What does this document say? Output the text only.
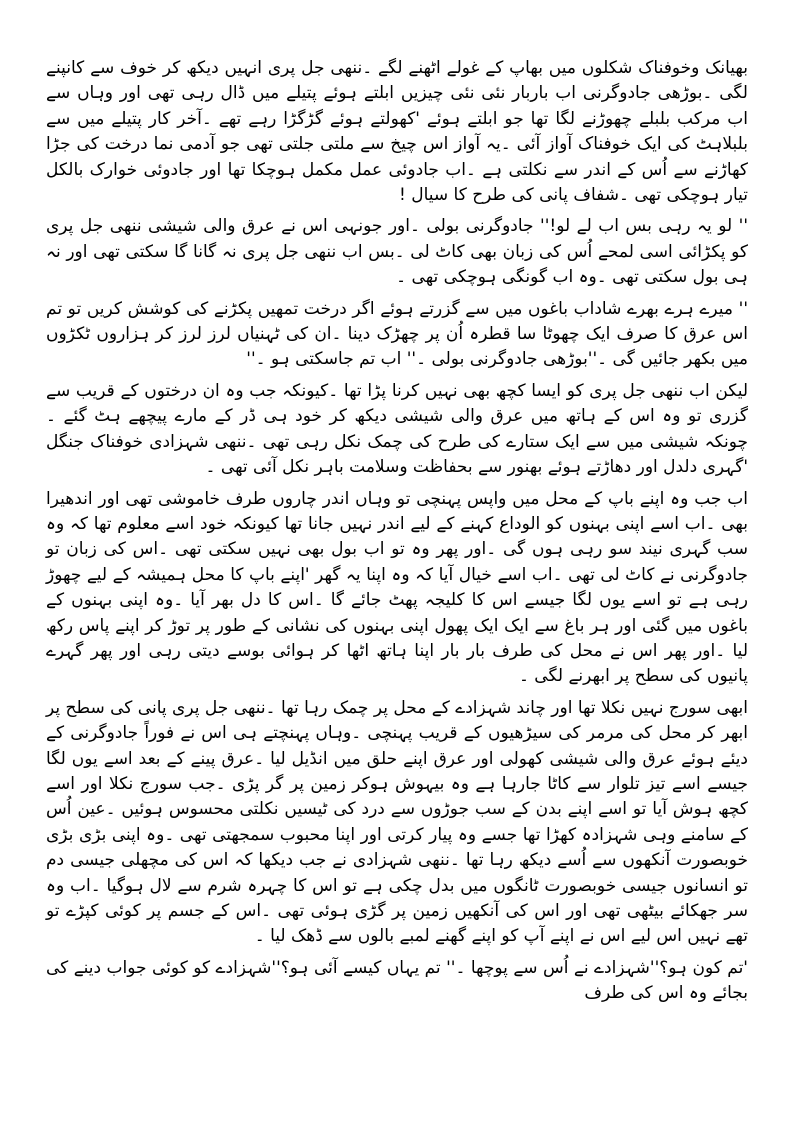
بھیانک وخوفناک شکلوں میں بھاپ کے غولے اٹھنے لگے ۔ننھی جل پری انہیں دیکھ کر خوف سے کانپنے لگی ۔بوڑھی جادوگرنی اب باربار نئی نئی چیزیں ابلتے ہوئے پتیلے میں ڈال رہی تھی اور وہاں سے اب مرکب بلبلے چھوڑنے لگا تھا جو ابلتے ہوئے 'کھولتے ہوئے گڑگڑا رہے تھے ۔آخر کار پتیلے میں سے بلبلاہٹ کی ایک خوفناک آواز آئی ۔یہ آواز اس چیخ سے ملتی جلتی تھی جو آدمی نما درخت کی جڑا کھاڑنے سے اُس کے اندر سے نکلتی ہے ۔اب جادوئی عمل مکمل ہوچکا تھا اور جادوئی خوارک بالکل تیار ہوچکی تھی ۔شفاف پانی کی طرح کا سیال !

'' لو یہ رہی بس اب لے لو!'' جادوگرنی بولی ۔اور جونہی اس نے عرق والی شیشی ننھی جل پری کو پکڑائی اسی لمحے اُس کی زبان بھی کاٹ لی ۔بس اب ننھی جل پری نہ گانا گا سکتی تھی اور نہ ہی بول سکتی تھی ۔وہ اب گونگی ہوچکی تھی ۔

'' میرے ہرے بھرے شاداب باغوں میں سے گزرتے ہوئے اگر درخت تمھیں پکڑنے کی کوشش کریں تو تم اس عرق کا صرف ایک چھوٹا سا قطرہ اُن پر چھڑک دینا ۔ان کی ٹہنیاں لرز لرز کر ہزاروں ٹکڑوں میں بکھر جائیں گی ۔''بوڑھی جادوگرنی بولی ۔'' اب تم جاسکتی ہو ۔''

لیکن اب ننھی جل پری کو ایسا کچھ بھی نہیں کرنا پڑا تھا ۔کیونکہ جب وہ ان درختوں کے قریب سے گزری تو وہ اس کے ہاتھ میں عرق والی شیشی دیکھ کر خود ہی ڈر کے مارے پیچھے ہٹ گئے ۔چونکہ شیشی میں سے ایک ستارے کی طرح کی چمک نکل رہی تھی ۔ننھی شہزادی خوفناک جنگل 'گہری دلدل اور دھاڑتے ہوئے بھنور سے بحفاظت وسلامت باہر نکل آئی تھی ۔

اب جب وہ اپنے باپ کے محل میں واپس پہنچی تو وہاں اندر چاروں طرف خاموشی تھی اور اندھیرا بھی ۔اب اسے اپنی بہنوں کو الوداع کہنے کے لیے اندر نہیں جانا تھا کیونکہ خود اسے معلوم تھا کہ وہ سب گہری نیند سو رہی ہوں گی ۔اور پھر وہ تو اب بول بھی نہیں سکتی تھی ۔اس کی زبان تو جادوگرنی نے کاٹ لی تھی ۔اب اسے خیال آیا کہ وہ اپنا یہ گھر 'اپنے باپ کا محل ہمیشہ کے لیے چھوڑ رہی ہے تو اسے یوں لگا جیسے اس کا کلیجہ پھٹ جائے گا ۔اس کا دل بھر آیا ۔وہ اپنی بہنوں کے باغوں میں گئی اور ہر باغ سے ایک ایک پھول اپنی بہنوں کی نشانی کے طور پر توڑ کر اپنے پاس رکھ لیا ۔اور پھر اس نے محل کی طرف بار بار اپنا ہاتھ اٹھا کر ہوائی بوسے دیتی رہی اور پھر گہرے پانیوں کی سطح پر ابھرنے لگی ۔

ابھی سورج نہیں نکلا تھا اور چاند شہزادے کے محل پر چمک رہا تھا ۔ننھی جل پری پانی کی سطح پر ابھر کر محل کی مرمر کی سیڑھیوں کے قریب پہنچی ۔وہاں پہنچتے ہی اس نے فوراً جادوگرنی کے دیئے ہوئے عرق والی شیشی کھولی اور عرق اپنے حلق میں انڈیل لیا ۔عرق پینے کے بعد اسے یوں لگا جیسے اسے تیز تلوار سے کاٹا جارہا ہے وہ بیہوش ہوکر زمین پر گر پڑی ۔جب سورج نکلا اور اسے کچھ ہوش آیا تو اسے اپنے بدن کے سب جوڑوں سے درد کی ٹیسیں نکلتی محسوس ہوئیں ۔عین اُس کے سامنے وہی شہزادہ کھڑا تھا جسے وہ پیار کرتی اور اپنا محبوب سمجھتی تھی ۔وہ اپنی بڑی بڑی خوبصورت آنکھوں سے اُسے دیکھ رہا تھا ۔ننھی شہزادی نے جب دیکھا کہ اس کی مچھلی جیسی دم تو انسانوں جیسی خوبصورت ٹانگوں میں بدل چکی ہے تو اس کا چہرہ شرم سے لال ہوگیا ۔اب وہ سر جھکائے بیٹھی تھی اور اس کی آنکھیں زمین پر گڑی ہوئی تھی ۔اس کے جسم پر کوئی کپڑے تو تھے نہیں اس لیے اس نے اپنے آپ کو اپنے گھنے لمبے بالوں سے ڈھک لیا ۔

'تم کون ہو؟''شہزادے نے اُس سے پوچھا ۔'' تم یہاں کیسے آئی ہو؟''شہزادے کو کوئی جواب دینے کی بجائے وہ اس کی طرف
